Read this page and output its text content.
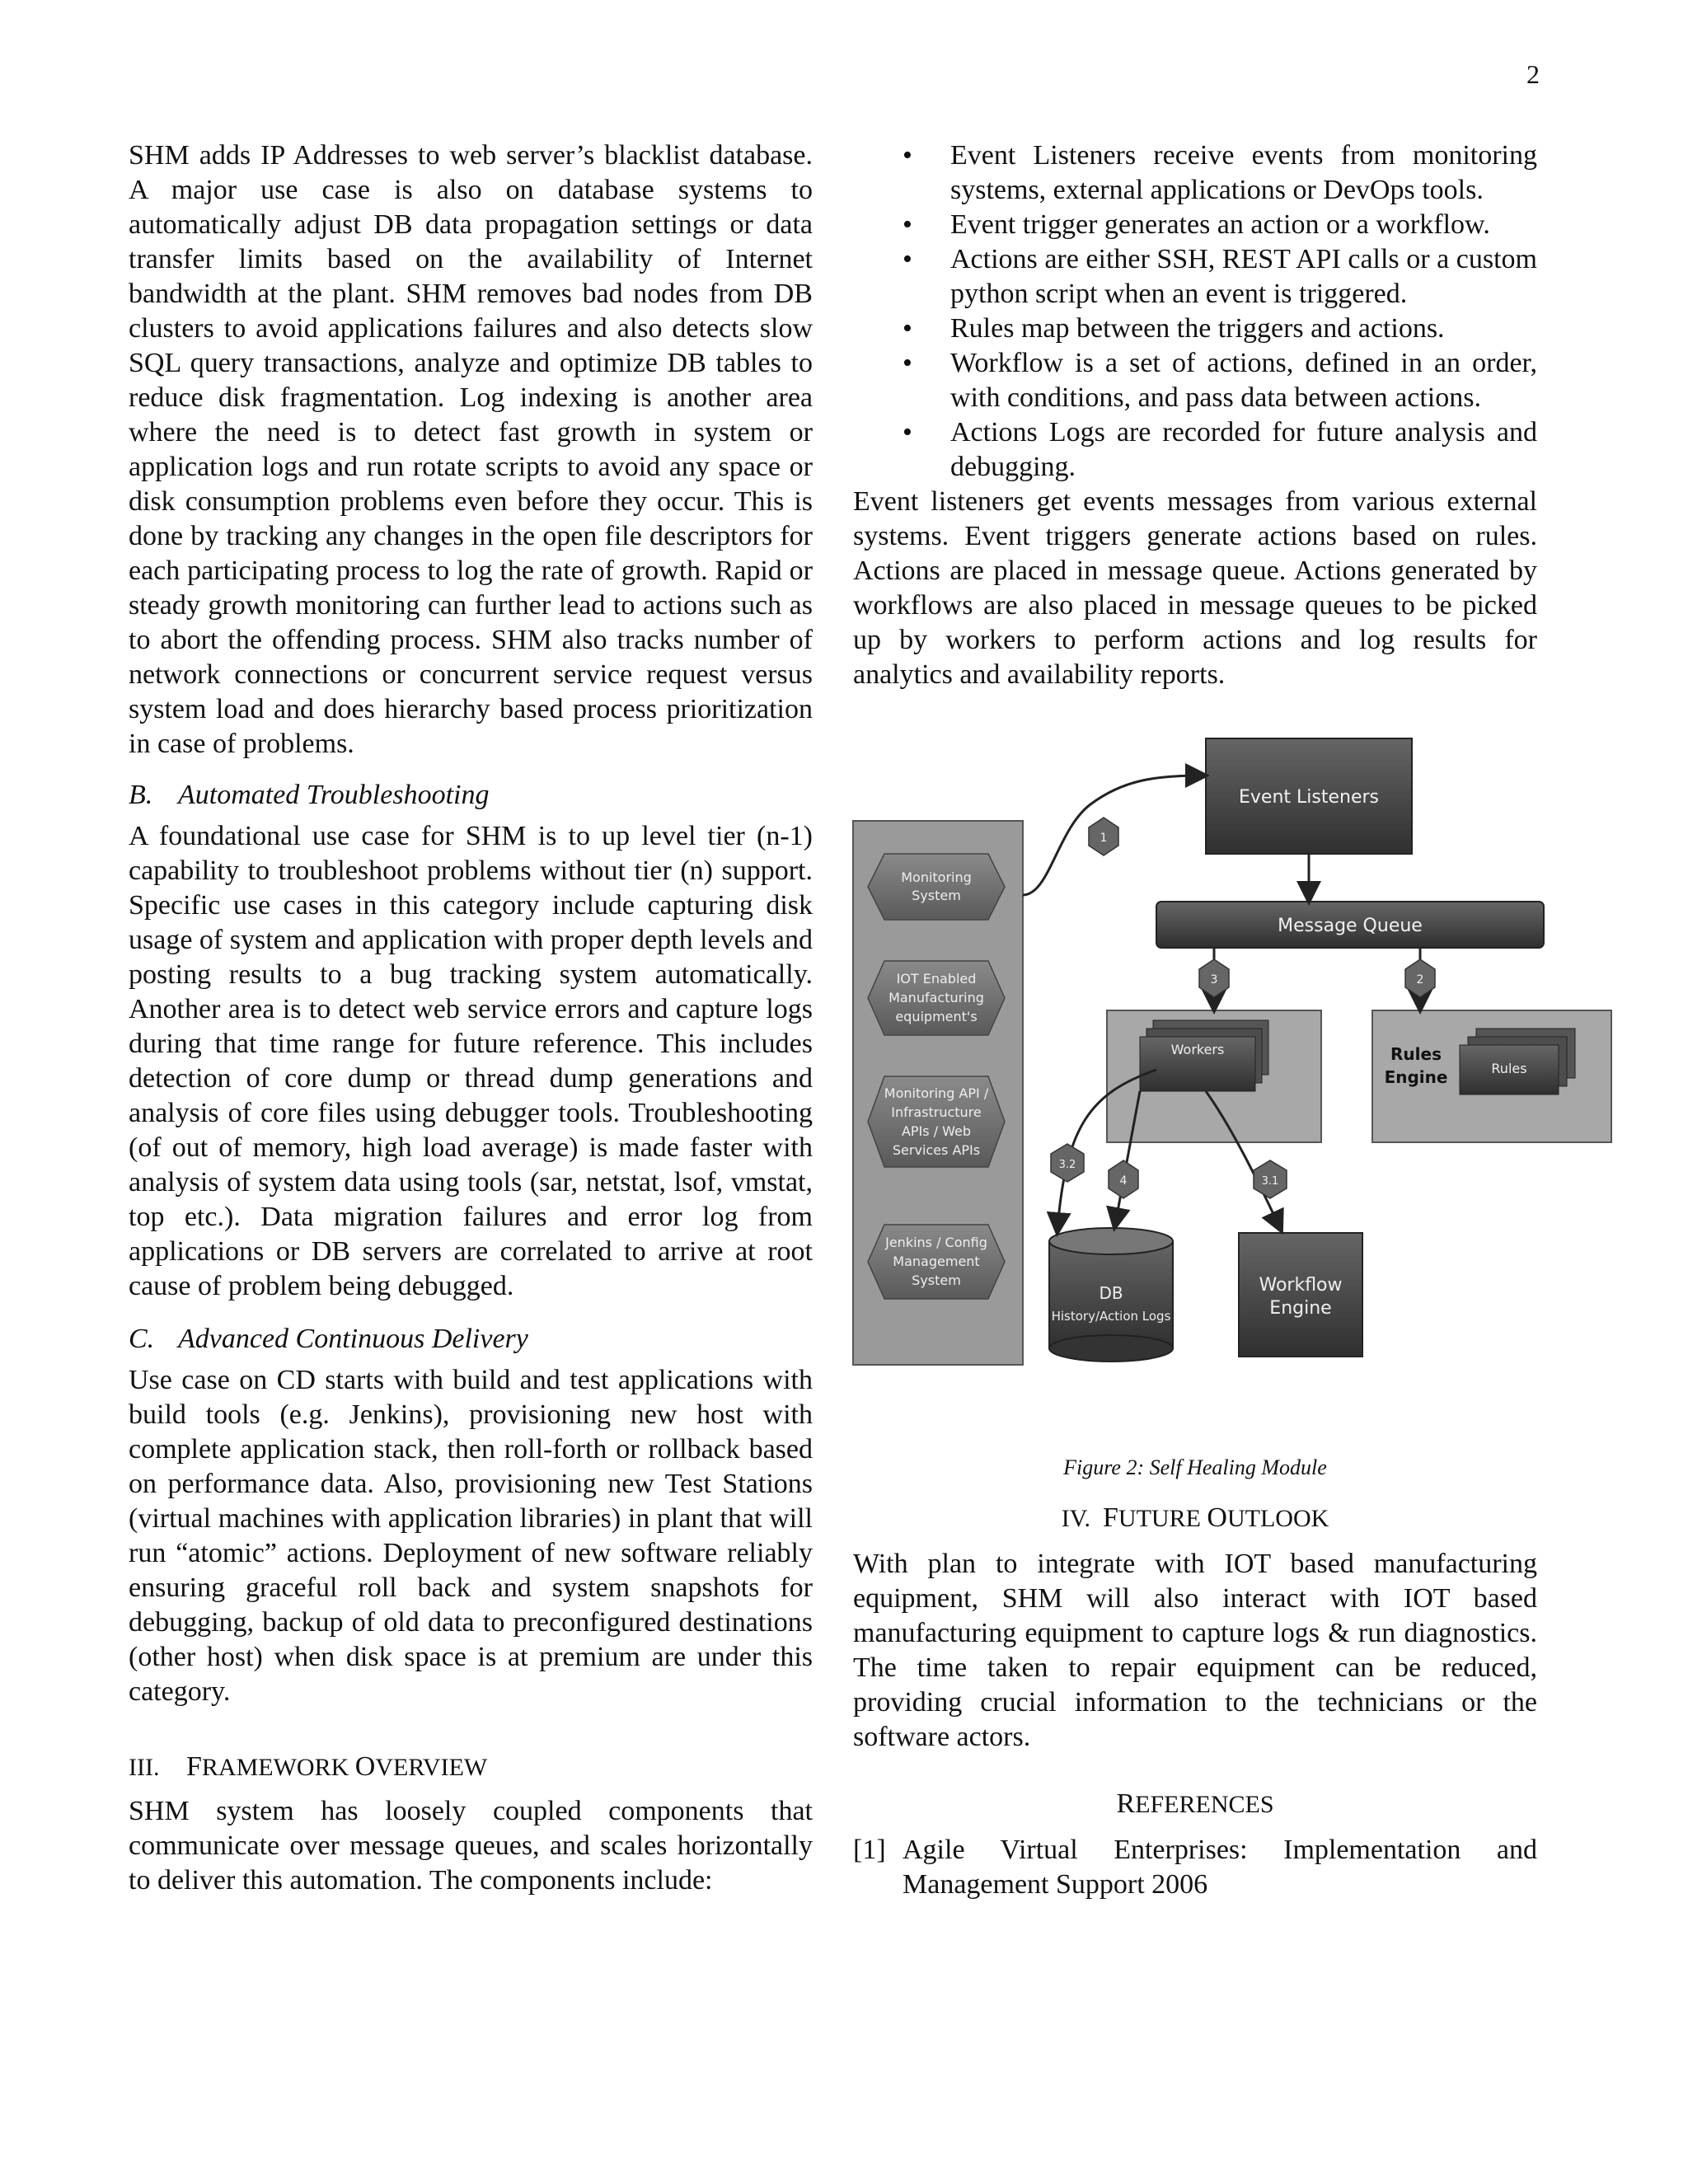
2

SHM adds IP Addresses to web server’s blacklist database. A major use case is also on database systems to automatically adjust DB data propagation settings or data transfer limits based on the availability of Internet bandwidth at the plant. SHM removes bad nodes from DB clusters to avoid applications failures and also detects slow SQL query transactions, analyze and optimize DB tables to reduce disk fragmentation. Log indexing is another area where the need is to detect fast growth in system or application logs and run rotate scripts to avoid any space or disk consumption problems even before they occur. This is done by tracking any changes in the open file descriptors for each participating process to log the rate of growth. Rapid or steady growth monitoring can further lead to actions such as to abort the offending process. SHM also tracks number of network connections or concurrent service request versus system load and does hierarchy based process prioritization in case of problems.

B. Automated Troubleshooting

A foundational use case for SHM is to up level tier (n-1) capability to troubleshoot problems without tier (n) support. Specific use cases in this category include capturing disk usage of system and application with proper depth levels and posting results to a bug tracking system automatically. Another area is to detect web service errors and capture logs during that time range for future reference. This includes detection of core dump or thread dump generations and analysis of core files using debugger tools. Troubleshooting (of out of memory, high load average) is made faster with analysis of system data using tools (sar, netstat, lsof, vmstat, top etc.). Data migration failures and error log from applications or DB servers are correlated to arrive at root cause of problem being debugged.

C. Advanced Continuous Delivery

Use case on CD starts with build and test applications with build tools (e.g. Jenkins), provisioning new host with complete application stack, then roll-forth or rollback based on performance data. Also, provisioning new Test Stations (virtual machines with application libraries) in plant that will run “atomic” actions. Deployment of new software reliably ensuring graceful roll back and system snapshots for debugging, backup of old data to preconfigured destinations (other host) when disk space is at premium are under this category.

III. FRAMEWORK OVERVIEW

SHM system has loosely coupled components that communicate over message queues, and scales horizontally to deliver this automation. The components include:

• Event Listeners receive events from monitoring systems, external applications or DevOps tools.
• Event trigger generates an action or a workflow.
• Actions are either SSH, REST API calls or a custom python script when an event is triggered.
• Rules map between the triggers and actions.
• Workflow is a set of actions, defined in an order, with conditions, and pass data between actions.
• Actions Logs are recorded for future analysis and debugging.

Event listeners get events messages from various external systems. Event triggers generate actions based on rules. Actions are placed in message queue. Actions generated by workflows are also placed in message queues to be picked up by workers to perform actions and log results for analytics and availability reports.

Monitoring
System
IOT Enabled
Manufacturing
equipment's
Monitoring API /
Infrastructure
APIs / Web
Services APIs
Jenkins / Config
Management
System
Event Listeners
Message Queue
Workers	Rules
Engine	Rules
DB
History/Action Logs
Workflow
Engine
1
2
3
3.1
3.2
4
Figure 2: Self Healing Module
IV. FUTURE OUTLOOK

With plan to integrate with IOT based manufacturing equipment, SHM will also interact with IOT based manufacturing equipment to capture logs & run diagnostics. The time taken to repair equipment can be reduced, providing crucial information to the technicians or the software actors.

REFERENCES
[1] Agile Virtual Enterprises: Implementation and Management Support 2006
